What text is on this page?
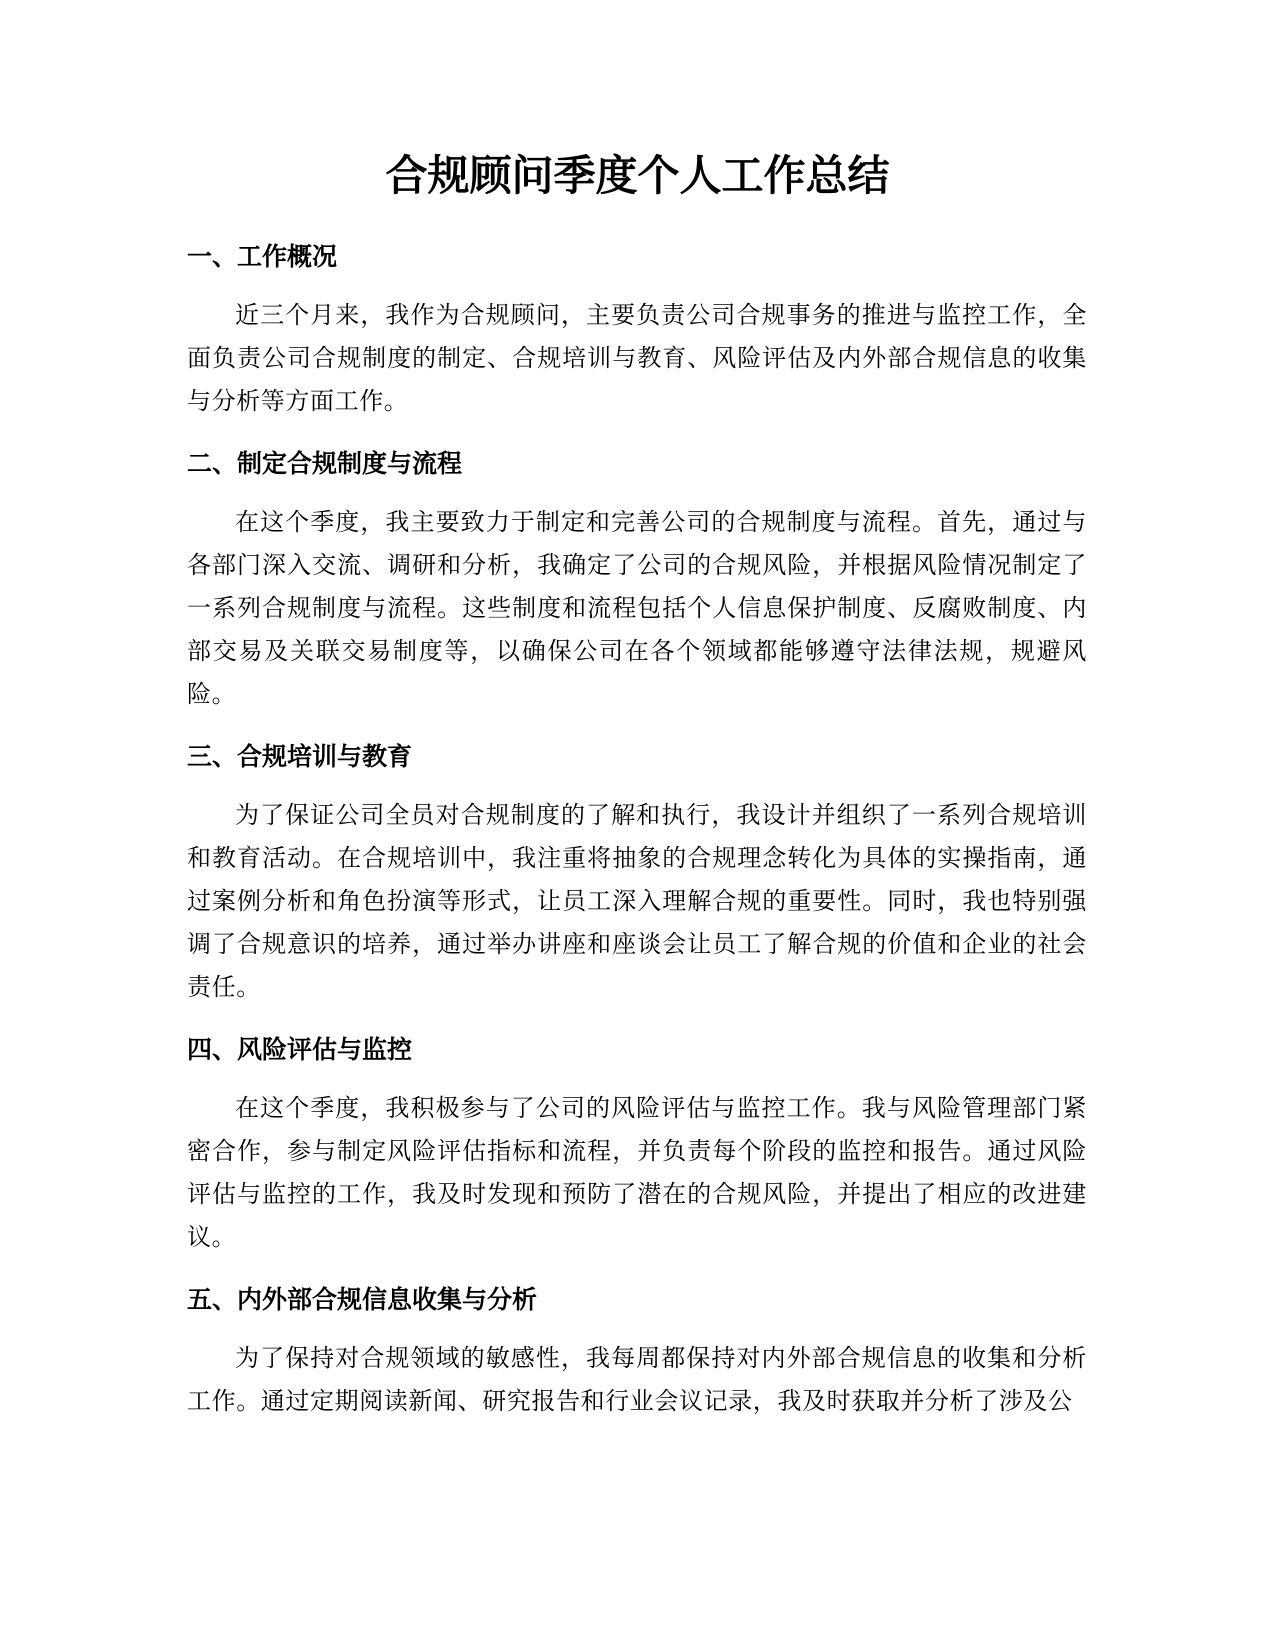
合规顾问季度个人工作总结
一、工作概况

近三个月来，我作为合规顾问，主要负责公司合规事务的推进与监控工作，全面负责公司合规制度的制定、合规培训与教育、风险评估及内外部合规信息的收集与分析等方面工作。

二、制定合规制度与流程

在这个季度，我主要致力于制定和完善公司的合规制度与流程。首先，通过与各部门深入交流、调研和分析，我确定了公司的合规风险，并根据风险情况制定了一系列合规制度与流程。这些制度和流程包括个人信息保护制度、反腐败制度、内部交易及关联交易制度等，以确保公司在各个领域都能够遵守法律法规，规避风险。

三、合规培训与教育

为了保证公司全员对合规制度的了解和执行，我设计并组织了一系列合规培训和教育活动。在合规培训中，我注重将抽象的合规理念转化为具体的实操指南，通过案例分析和角色扮演等形式，让员工深入理解合规的重要性。同时，我也特别强调了合规意识的培养，通过举办讲座和座谈会让员工了解合规的价值和企业的社会责任。

四、风险评估与监控

在这个季度，我积极参与了公司的风险评估与监控工作。我与风险管理部门紧密合作，参与制定风险评估指标和流程，并负责每个阶段的监控和报告。通过风险评估与监控的工作，我及时发现和预防了潜在的合规风险，并提出了相应的改进建议。

五、内外部合规信息收集与分析

为了保持对合规领域的敏感性，我每周都保持对内外部合规信息的收集和分析工作。通过定期阅读新闻、研究报告和行业会议记录，我及时获取并分析了涉及公
